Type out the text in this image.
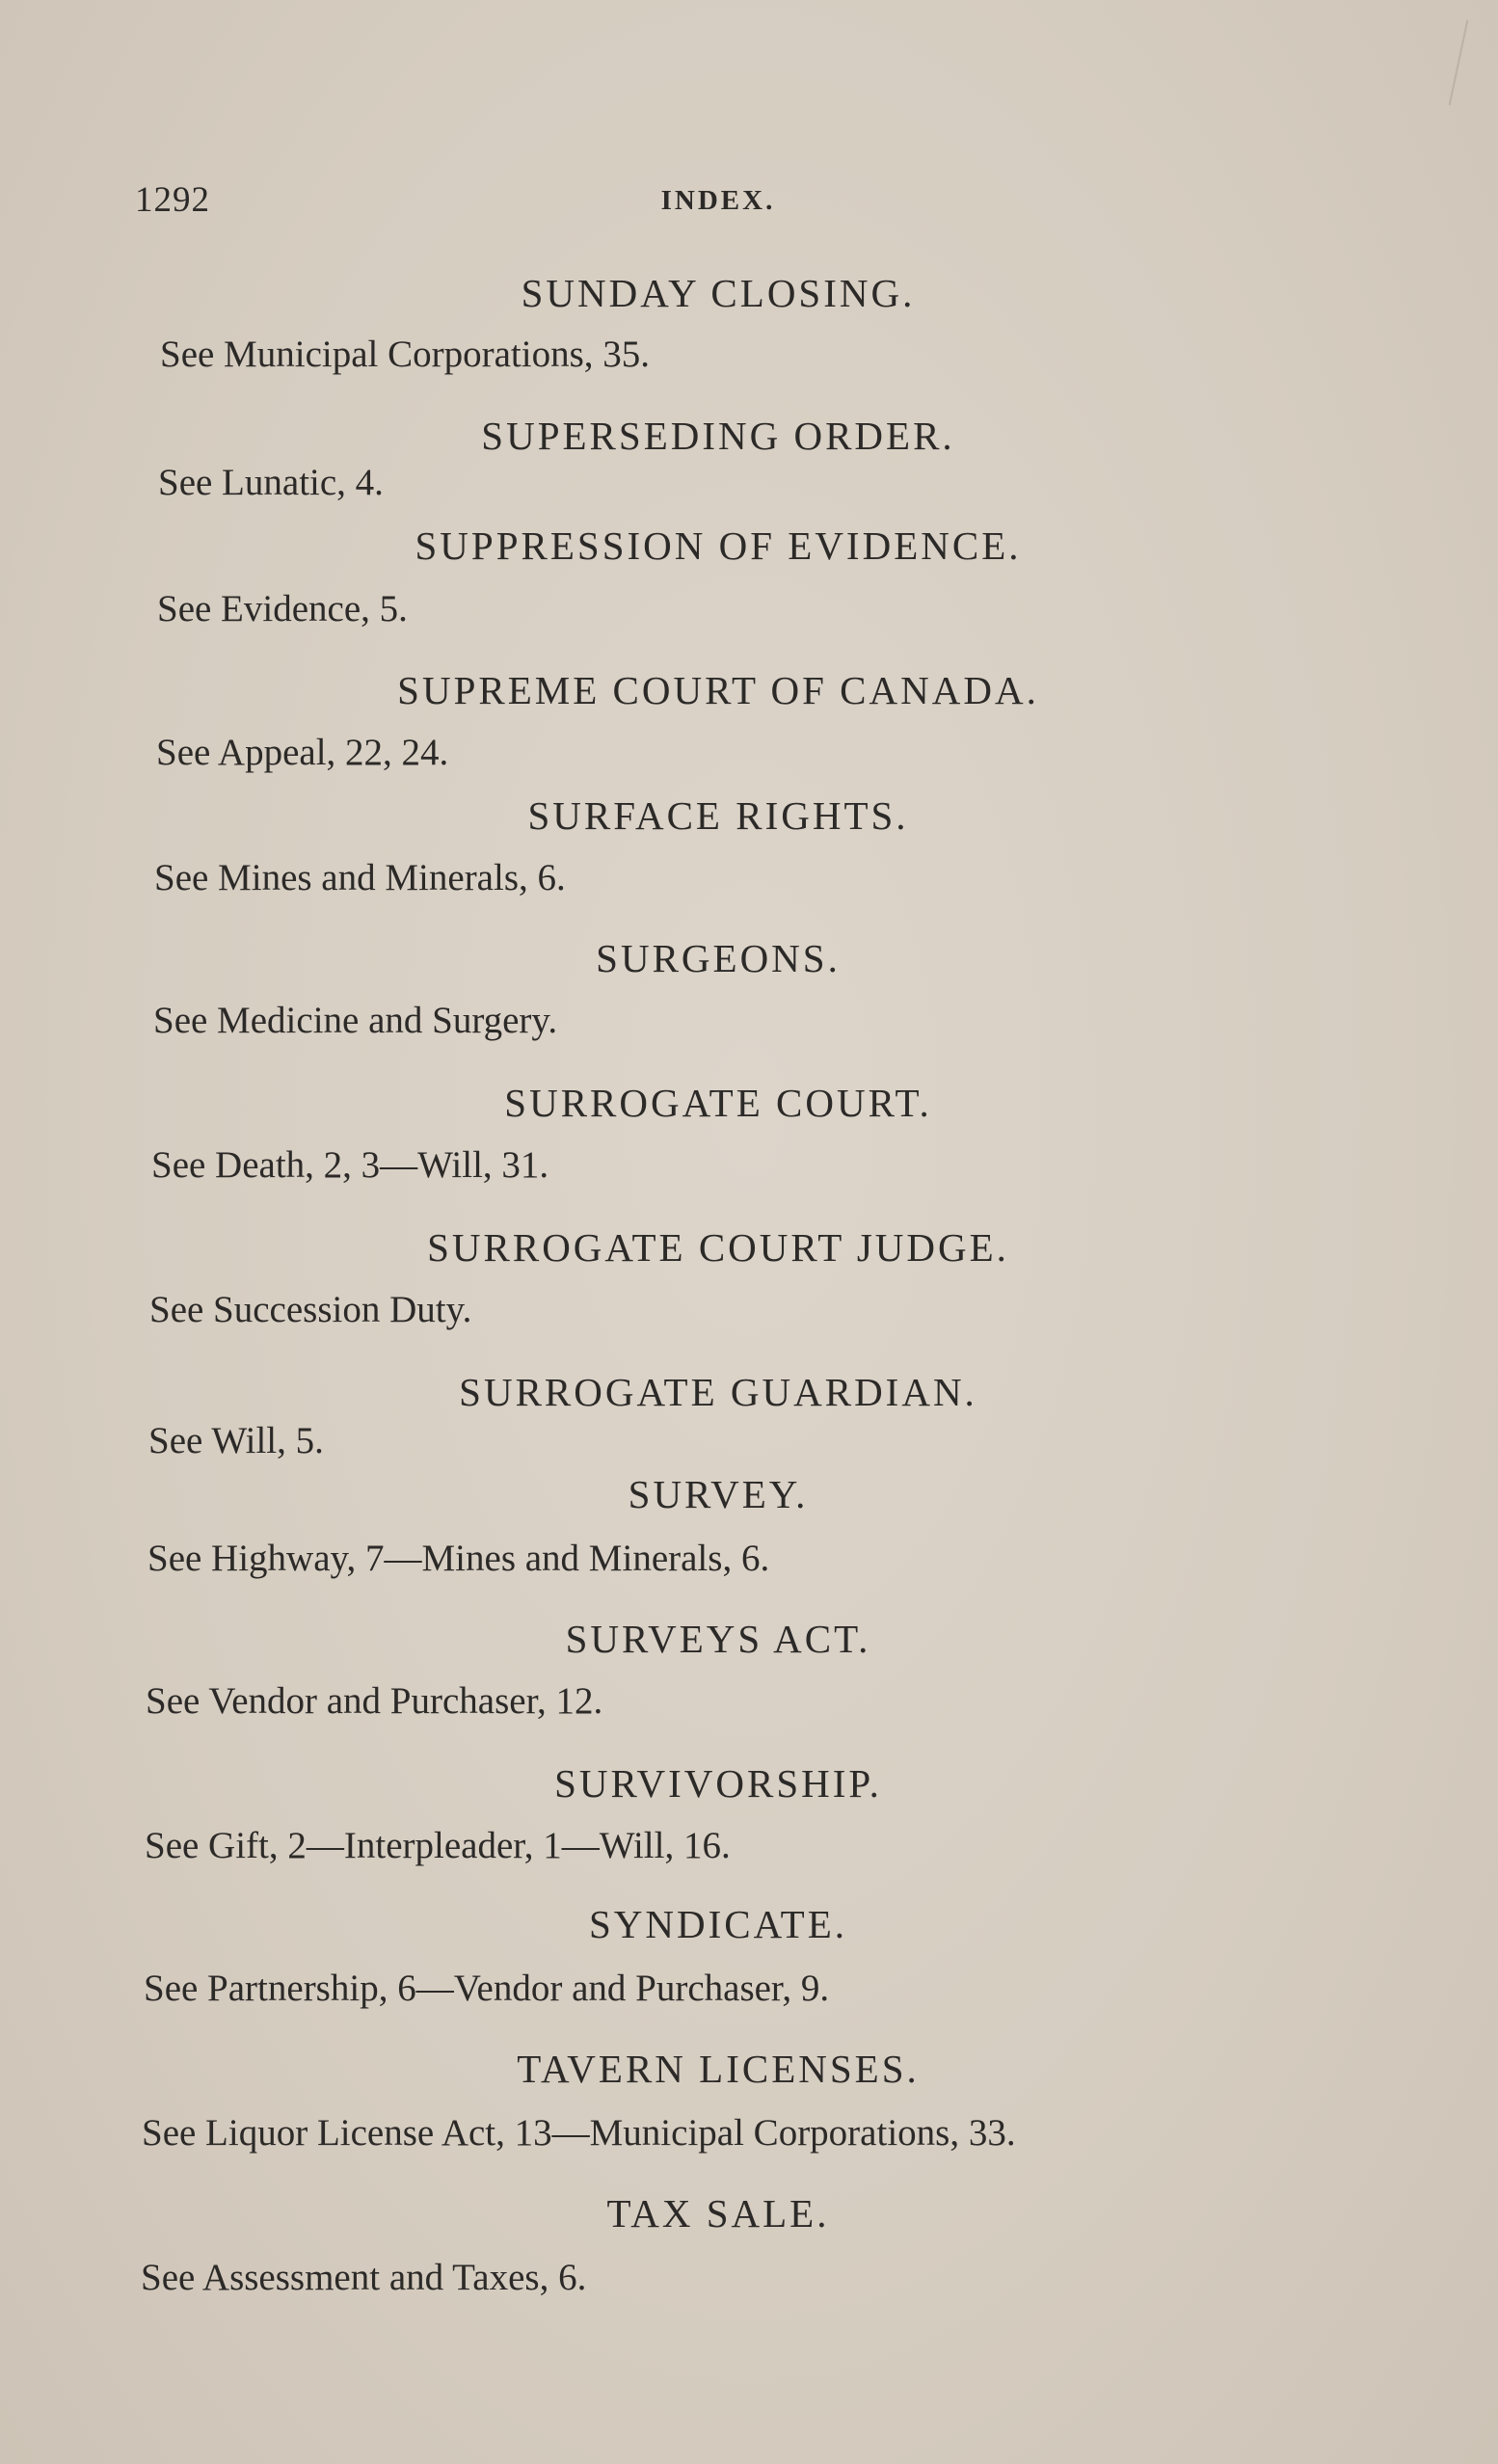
1292	INDEX.
SUNDAY CLOSING.
See Municipal Corporations, 35.
SUPERSEDING ORDER.
See Lunatic, 4.
SUPPRESSION OF EVIDENCE.
See Evidence, 5.
SUPREME COURT OF CANADA.
See Appeal, 22, 24.
SURFACE RIGHTS.
See Mines and Minerals, 6.
SURGEONS.
See Medicine and Surgery.
SURROGATE COURT.
See Death, 2, 3—Will, 31.
SURROGATE COURT JUDGE.
See Succession Duty.
SURROGATE GUARDIAN.
See Will, 5.
SURVEY.
See Highway, 7—Mines and Minerals, 6.
SURVEYS ACT.
See Vendor and Purchaser, 12.
SURVIVORSHIP.
See Gift, 2—Interpleader, 1—Will, 16.
SYNDICATE.
See Partnership, 6—Vendor and Purchaser, 9.
TAVERN LICENSES.
See Liquor License Act, 13—Municipal Corporations, 33.
TAX SALE.
See Assessment and Taxes, 6.
